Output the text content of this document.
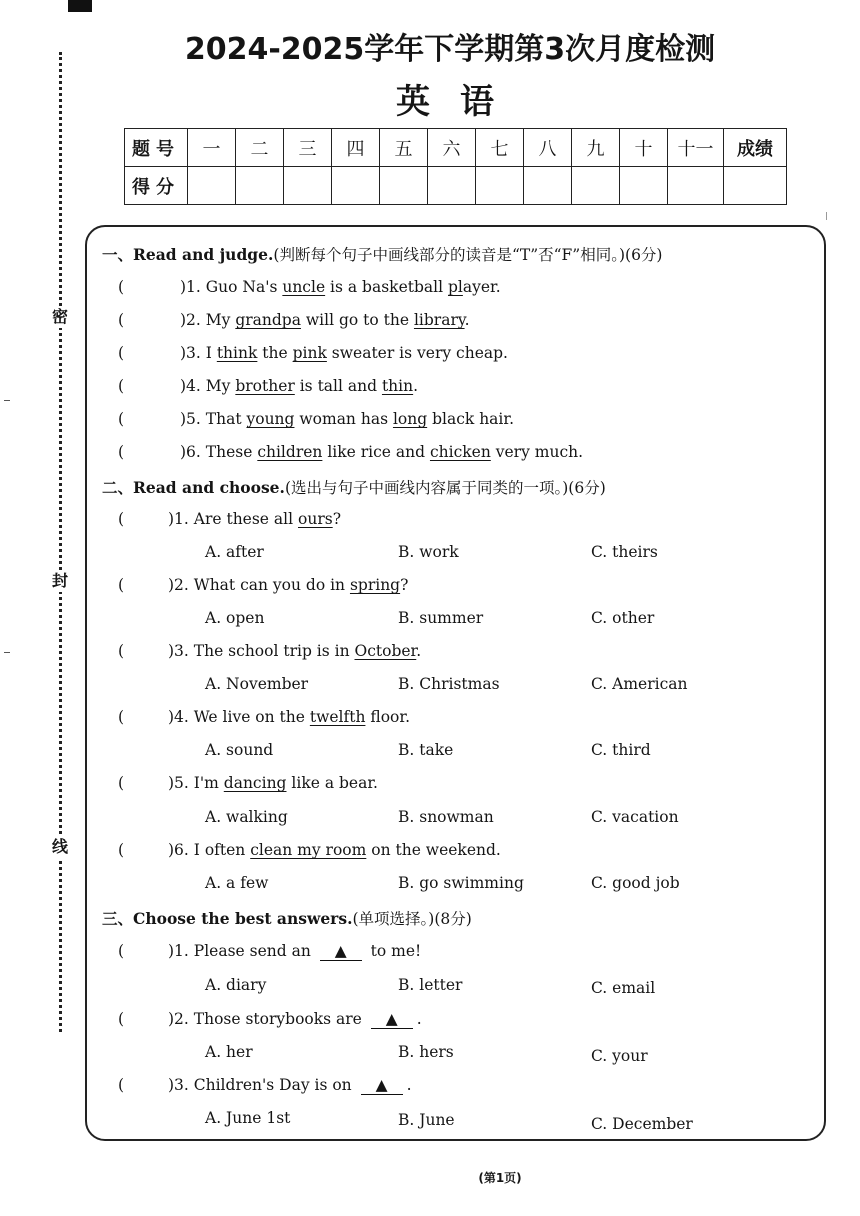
密
封
线
2024-2025学年下学期第3次月度检测
英语
题号	一	二	三	四	五	六	七	八	九	十	十一	成绩
得分												
一、Read and judge.(判断每个句子中画线部分的读音是“T”否“F”相同。)(6分)
(	)1. Guo Na's uncle is a basketball player.
(	)2. My grandpa will go to the library.
(	)3. I think the pink sweater is very cheap.
(	)4. My brother is tall and thin.
(	)5. That young woman has long black hair.
(	)6. These children like rice and chicken very much.
二、Read and choose.(选出与句子中画线内容属于同类的一项。)(6分)
(	)1. Are these all ours?
A. after	B. work	C. theirs
(	)2. What can you do in spring?
A. open	B. summer	C. other
(	)3. The school trip is in October.
A. November	B. Christmas	C. American
(	)4. We live on the twelfth floor.
A. sound	B. take	C. third
(	)5. I'm dancing like a bear.
A. walking	B. snowman	C. vacation
(	)6. I often clean my room on the weekend.
A. a few	B. go swimming	C. good job
三、Choose the best answers.(单项选择。)(8分)
(	)1. Please send an ▲ to me!
A. diary	B. letter	C. email
(	)2. Those storybooks are ▲ .
A. her	B. hers	C. your
(	)3. Children's Day is on ▲ .
A. June 1st	B. June	C. December
(第1页)
